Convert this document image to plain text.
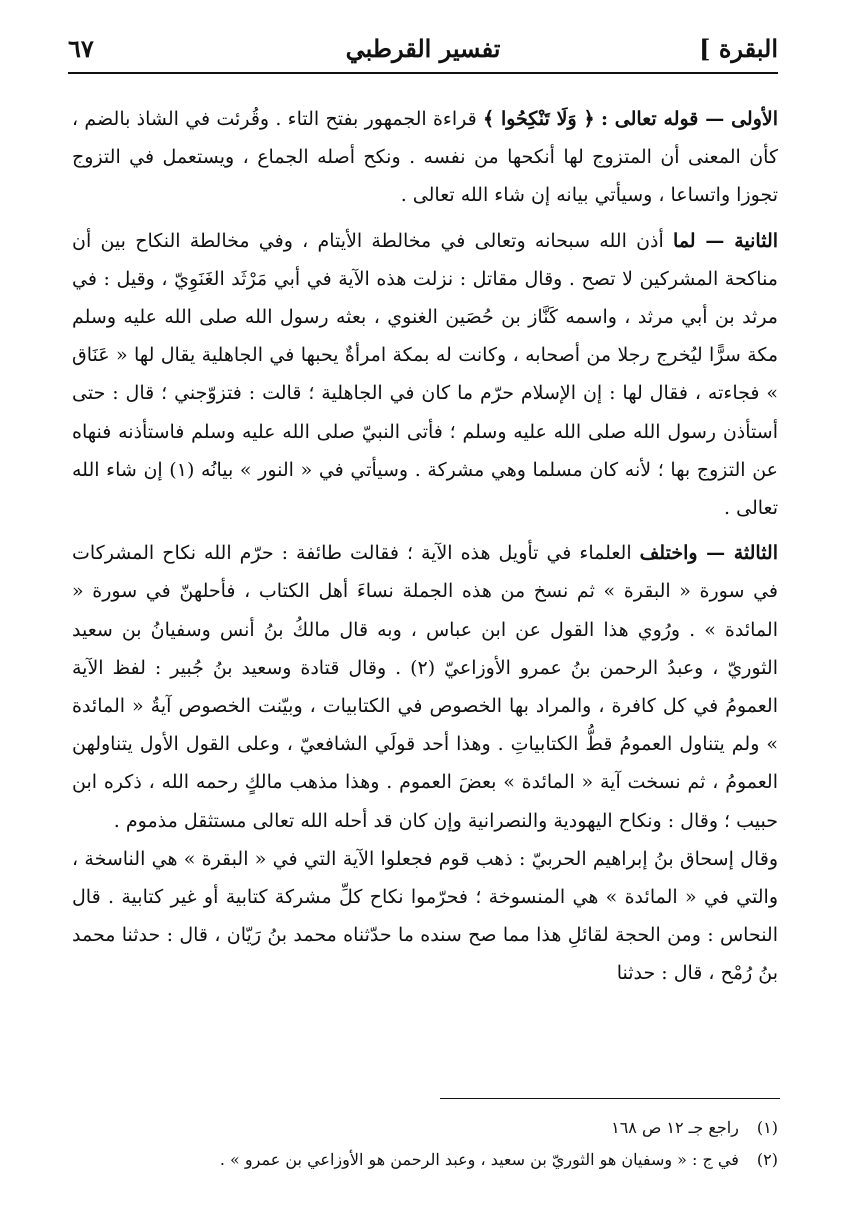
البقرة ]
تفسير القرطبي
٦٧

الأولى — قوله تعالى : ﴿ وَلَا تَنْكِحُوا ﴾ قراءة الجمهور بفتح التاء . وقُرئت في الشاذ بالضم ، كأن المعنى أن المتزوج لها أنكحها من نفسه . ونكح أصله الجماع ، ويستعمل في التزوج تجوزا واتساعا ، وسيأتي بيانه إن شاء الله تعالى .

الثانية — لما أذن الله سبحانه وتعالى في مخالطة الأيتام ، وفي مخالطة النكاح بين أن مناكحة المشركين لا تصح . وقال مقاتل : نزلت هذه الآية في أبي مَرْثَد الغَنَوِيّ ، وقيل : في مرثد بن أبي مرثد ، واسمه كَنَّاز بن حُصَين الغنوي ، بعثه رسول الله صلى الله عليه وسلم مكة سرًّا ليُخرج رجلا من أصحابه ، وكانت له بمكة امرأةٌ يحبها في الجاهلية يقال لها « عَنَاق » فجاءته ، فقال لها : إن الإسلام حرّم ما كان في الجاهلية ؛ قالت : فتزوّجني ؛ قال : حتى أستأذن رسول الله صلى الله عليه وسلم ؛ فأتى النبيّ صلى الله عليه وسلم فاستأذنه فنهاه عن التزوج بها ؛ لأنه كان مسلما وهي مشركة . وسيأتي في « النور » بيانُه (١) إن شاء الله تعالى .

الثالثة — واختلف العلماء في تأويل هذه الآية ؛ فقالت طائفة : حرّم الله نكاح المشركات في سورة « البقرة » ثم نسخ من هذه الجملة نساءَ أهل الكتاب ، فأحلهنّ في سورة « المائدة » . ورُوي هذا القول عن ابن عباس ، وبه قال مالكُ بنُ أنس وسفيانُ بن سعيد الثوريّ ، وعبدُ الرحمن بنُ عمرو الأوزاعيّ (٢) . وقال قتادة وسعيد بنُ جُبير : لفظ الآية العمومُ في كل كافرة ، والمراد بها الخصوص في الكتابيات ، وبيّنت الخصوص آيةُ « المائدة » ولم يتناول العمومُ قطُّ الكتابياتِ . وهذا أحد قولَي الشافعيّ ، وعلى القول الأول يتناولهن العمومُ ، ثم نسخت آية « المائدة » بعضَ العموم . وهذا مذهب مالكٍ رحمه الله ، ذكره ابن حبيب ؛ وقال : ونكاح اليهودية والنصرانية وإن كان قد أحله الله تعالى مستثقل مذموم .

وقال إسحاق بنُ إبراهيم الحربيّ : ذهب قوم فجعلوا الآية التي في « البقرة » هي الناسخة ، والتي في « المائدة » هي المنسوخة ؛ فحرّموا نكاح كلِّ مشركة كتابية أو غير كتابية . قال النحاس : ومن الحجة لقائلِ هذا مما صح سنده ما حدّثناه محمد بنُ رَيّان ، قال : حدثنا محمد بنُ رُمْح ، قال : حدثنا

(١) راجع جـ ١٢ ص ١٦٨
(٢) في ج : « وسفيان هو الثوريّ بن سعيد ، وعبد الرحمن هو الأوزاعي بن عمرو » .
